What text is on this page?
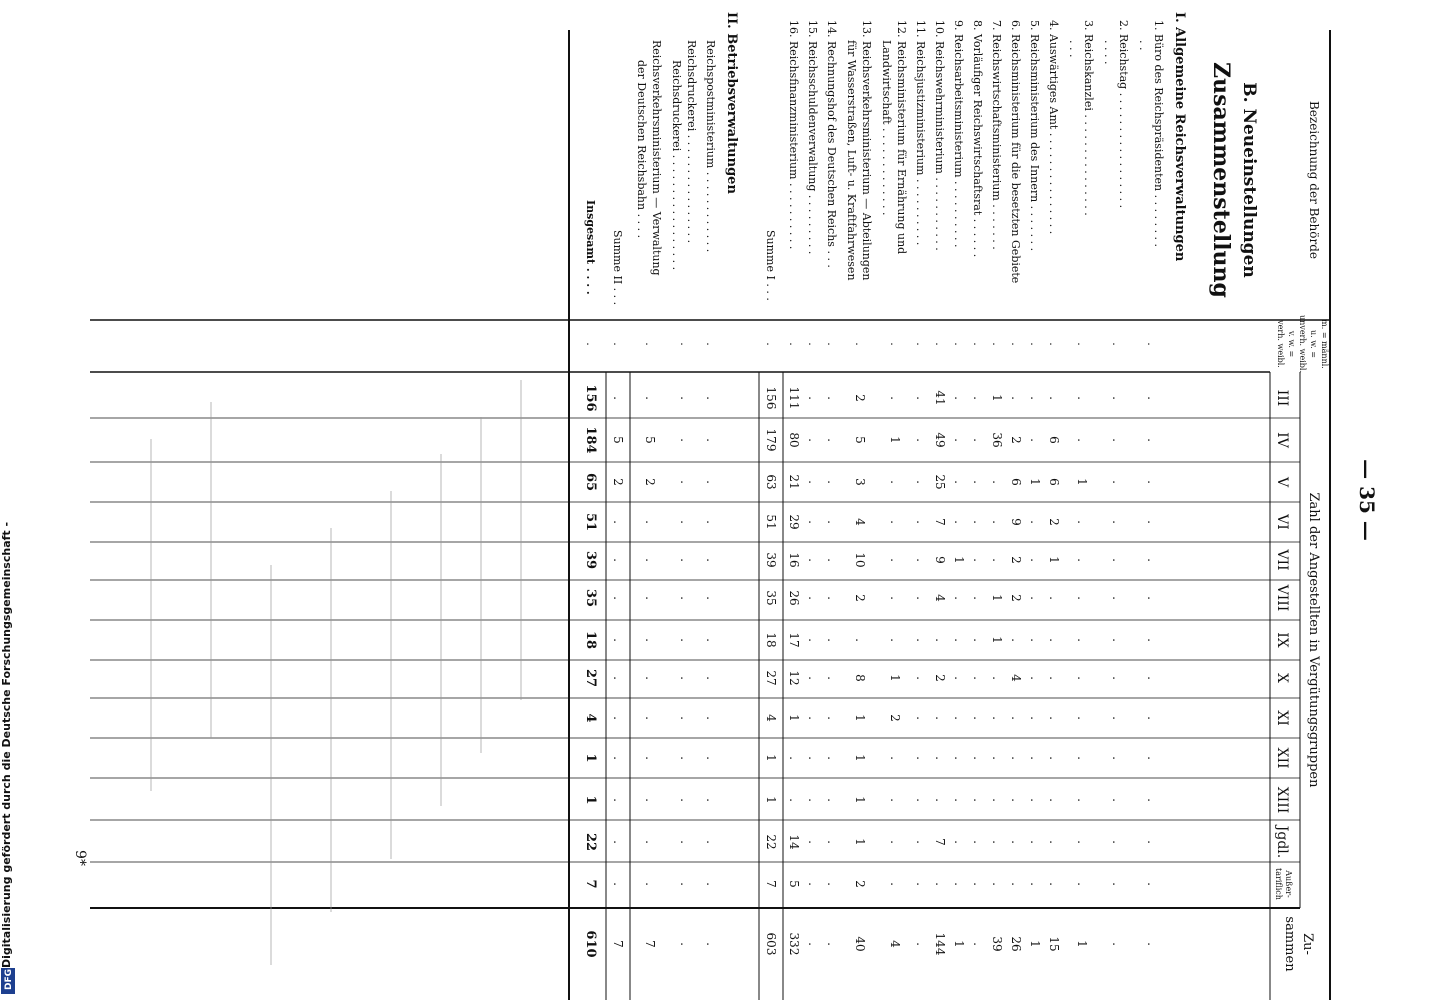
Bezeichnung der Behörde
Zahl der Angestellten in Vergütungsgruppen
m. = männl.
u. w. =
unverh. weibl.
v. w. =
verh. weibl.
III
IV
V
VI
VII
VIII
IX
X
XI
XII
XIII
Jgdl.
Außer-
tariflich
Zu-
sammen
B. Neueinstellungen
Zusammenstellung
I. Allgemeine Reichsverwaltungen
1. Büro des Reichspräsidenten . . . . . . . .
. .
.
.
.
.
.
.
.
.
.
.
.
.
.
.
.
2. Reichstag . . . . . . . . . . . . . . . . .
. . . .
.
.
.
.
.
.
.
.
.
.
.
.
.
.
.
3. Reichskanzlei . . . . . . . . . . . . . . .
. . .
.
.
1
.
.
.
.
.
.
.
.
.
.
1
.
4. Auswärtiges Amt . . . . . . . . . . . . . . .
.
6
6
2
1
.
.
.
.
.
.
.
.
15
.
5. Reichsministerium des Innern . . . . . . .
.
.
1
.
.
.
.
.
.
.
.
.
.
1
.
6. Reichsministerium für die besetzten Gebiete
.
2
6
9
2
2
.
4
.
.
.
.
.
26
.
7. Reichswirtschaftsministerium . . . . . . .
1
36
.
.
.
1
1
.
.
.
.
.
.
39
.
8. Vorläufiger Reichswirtschaftsrat . . . . . .
.
.
.
.
.
.
.
.
.
.
.
.
.
.
.
9. Reichsarbeitsministerium . . . . . . . . . .
.
.
.
.
1
.
.
.
.
.
.
.
.
1
.
10. Reichswehrministerium . . . . . . . . . . .
41
49
25
7
9
4
.
2
.
.
.
7
.
144
.
11. Reichsjustizministerium . . . . . . . . . .
.
.
.
.
.
.
.
.
.
.
.
.
.
.
.
12. Reichsministerium für Ernährung und
Landwirtschaft . . . . . . . . . . . . .
.
1
.
.
.
.
.
1
2
.
.
.
.
4
.
13. Reichsverkehrsministerium — Abteilungen
für Wasserstraßen, Luft- u. Kraftfahrwesen
2
5
3
4
10
2
.
8
1
1
1
1
2
40
.
14. Rechnungshof des Deutschen Reichs . . .
.
.
.
.
.
.
.
.
.
.
.
.
.
.
.
15. Reichsschuldenverwaltung . . . . . . . . .
.
.
.
.
.
.
.
.
.
.
.
.
.
.
.
16. Reichsfinanzministerium . . . . . . . . . .
111
80
21
29
16
26
17
12
1
.
.
14
5
332
.
Summe I . . .
156
179
63
51
39
35
18
27
4
1
1
22
7
603
.
II. Betriebsverwaltungen
Reichspostministerium . . . . . . . . . . . .
.
.
.
.
.
.
.
.
.
.
.
.
.
.
.
Reichsdruckerei . . . . . . . . . . . . . . . .
Reichsdruckerei . . . . . . . . . . . . . . . . .
.
.
.
.
.
.
.
.
.
.
.
.
.
.
.
Reichsverkehrsministerium — Verwaltung
der Deutschen Reichsbahn . . . .
.
5
2
.
.
.
.
.
.
.
.
.
.
7
.
Summe II . . .
.
5
2
.
.
.
.
.
.
.
.
.
.
7
.
Insgesamt . . . .
156
184
65
51
39
35
18
27
4
1
1
22
7
610
.
— 35 —
9*
Digitalisierung gefördert durch die Deutsche Forschungsgemeinschaft -
DFG
